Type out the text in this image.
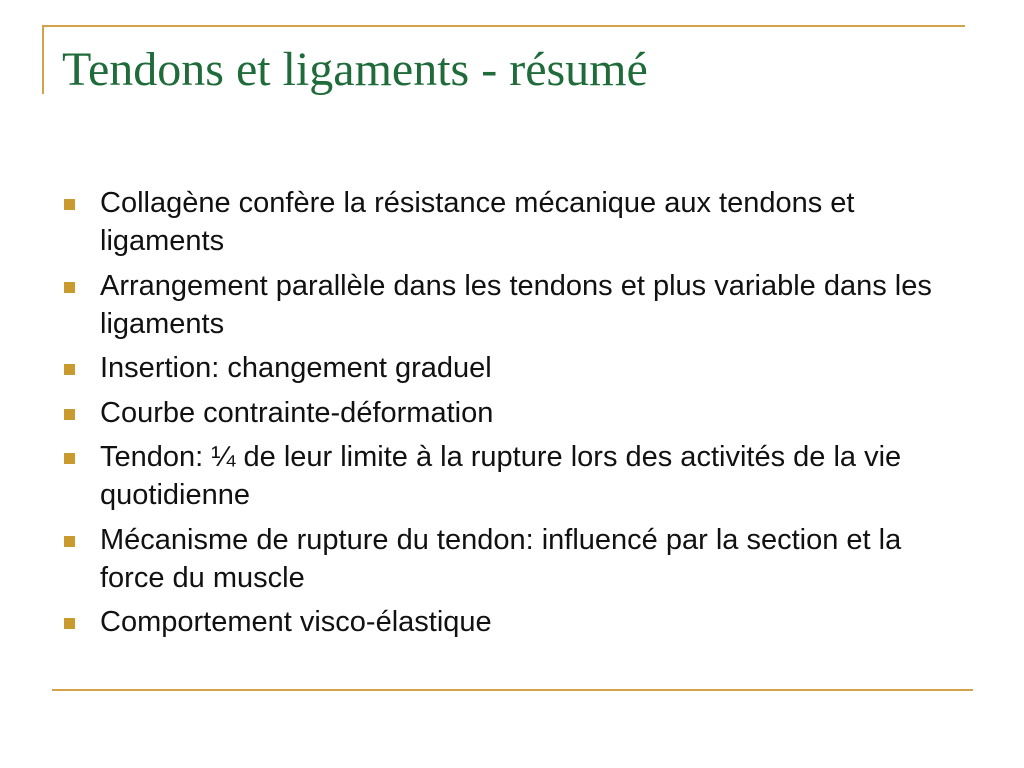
Tendons et ligaments - résumé
Collagène confère la résistance mécanique aux tendons et ligaments
Arrangement parallèle dans les tendons et plus variable dans les ligaments
Insertion: changement graduel
Courbe contrainte-déformation
Tendon: ¼ de leur limite à la rupture lors des activités de la vie quotidienne
Mécanisme de rupture du tendon: influencé par la section et la force du muscle
Comportement visco-élastique
